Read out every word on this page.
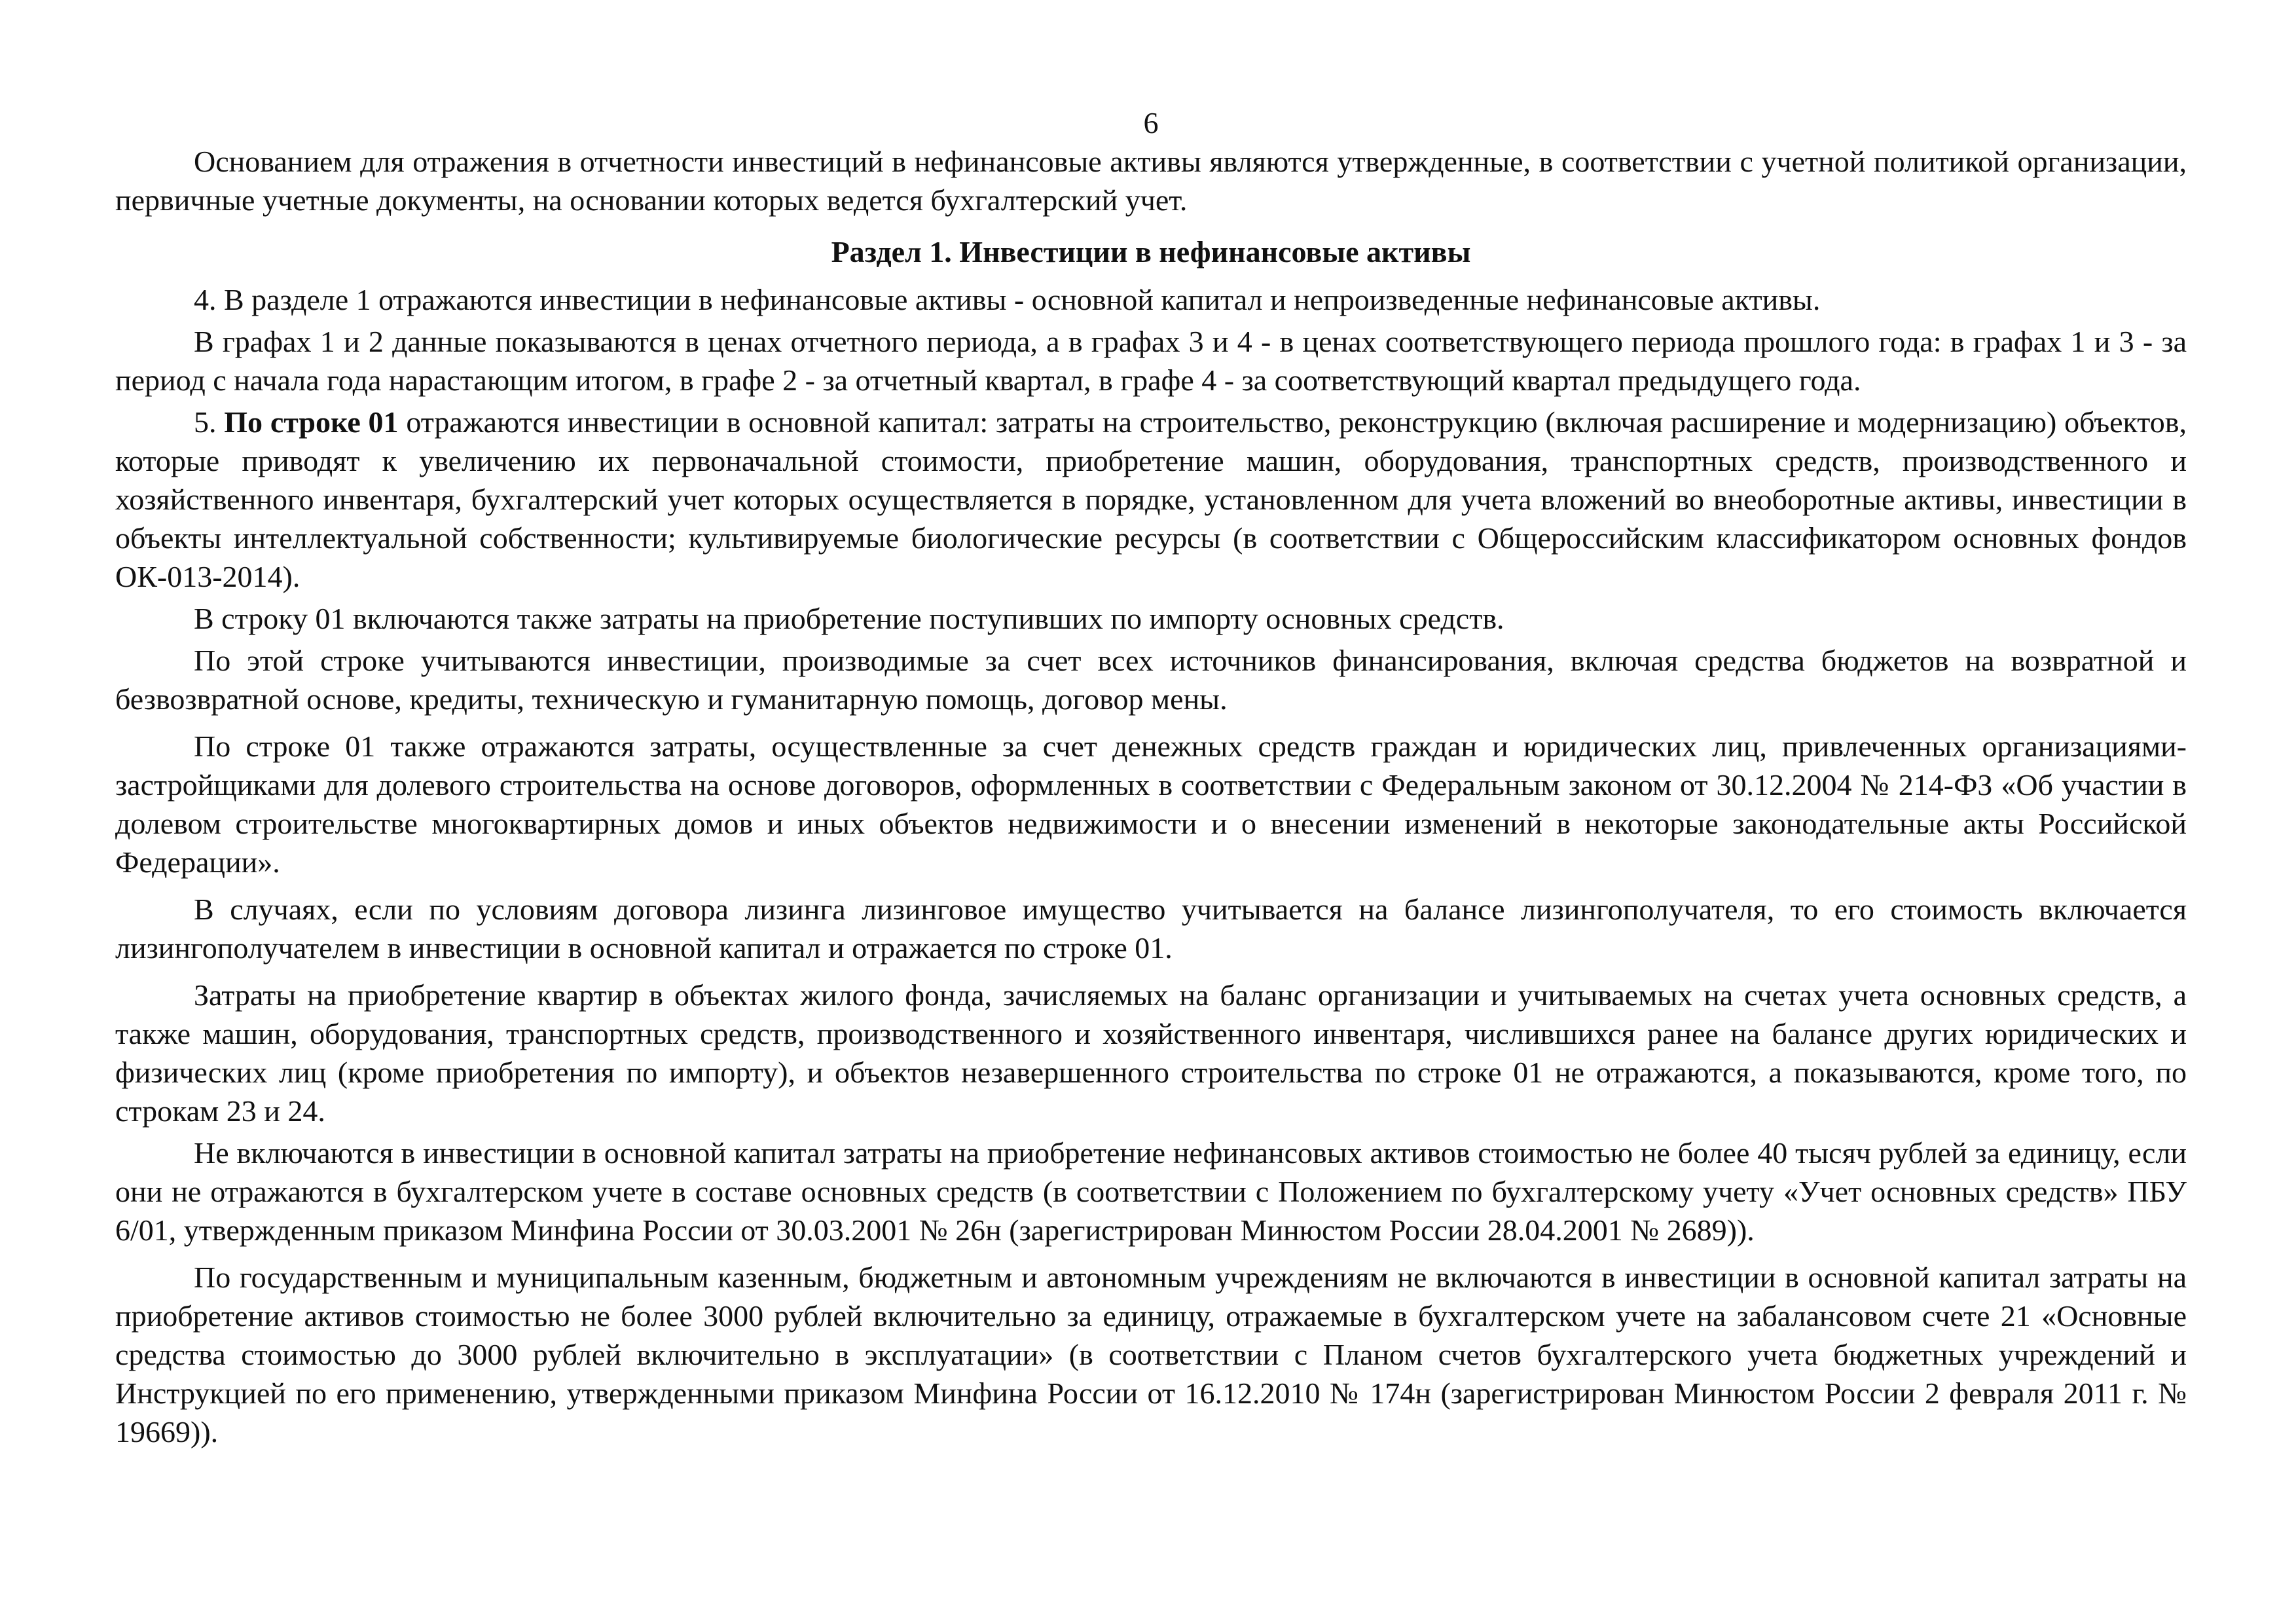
6

Основанием для отражения в отчетности инвестиций в нефинансовые активы являются утвержденные, в соответствии с учетной политикой организации, первичные учетные документы, на основании которых ведется бухгалтерский учет.

Раздел 1. Инвестиции в нефинансовые активы

4. В разделе 1 отражаются инвестиции в нефинансовые активы - основной капитал и непроизведенные нефинансовые активы.

В графах 1 и 2 данные показываются в ценах отчетного периода, а в графах 3 и 4 - в ценах соответствующего периода прошлого года: в графах 1 и 3 - за период с начала года нарастающим итогом, в графе 2 - за отчетный квартал, в графе 4 - за соответствующий квартал предыдущего года.

5. По строке 01 отражаются инвестиции в основной капитал: затраты на строительство, реконструкцию (включая расширение и модернизацию) объектов, которые приводят к увеличению их первоначальной стоимости, приобретение машин, оборудования, транспортных средств, производственного и хозяйственного инвентаря, бухгалтерский учет которых осуществляется в порядке, установленном для учета вложений во внеоборотные активы, инвестиции в объекты интеллектуальной собственности; культивируемые биологические ресурсы (в соответствии с Общероссийским классификатором основных фондов ОК-013-2014).

В строку 01 включаются также затраты на приобретение поступивших по импорту основных средств.

По этой строке учитываются инвестиции, производимые за счет всех источников финансирования, включая средства бюджетов на возвратной и безвозвратной основе, кредиты, техническую и гуманитарную помощь, договор мены.

По строке 01 также отражаются затраты, осуществленные за счет денежных средств граждан и юридических лиц, привлеченных организациями-застройщиками для долевого строительства на основе договоров, оформленных в соответствии с Федеральным законом от 30.12.2004 № 214-ФЗ «Об участии в долевом строительстве многоквартирных домов и иных объектов недвижимости и о внесении изменений в некоторые законодательные акты Российской Федерации».

В случаях, если по условиям договора лизинга лизинговое имущество учитывается на балансе лизингополучателя, то его стоимость включается лизингополучателем в инвестиции в основной капитал и отражается по строке 01.

Затраты на приобретение квартир в объектах жилого фонда, зачисляемых на баланс организации и учитываемых на счетах учета основных средств, а также машин, оборудования, транспортных средств, производственного и хозяйственного инвентаря, числившихся ранее на балансе других юридических и физических лиц (кроме приобретения по импорту), и объектов незавершенного строительства по строке 01 не отражаются, а показываются, кроме того, по строкам 23 и 24.

Не включаются в инвестиции в основной капитал затраты на приобретение нефинансовых активов стоимостью не более 40 тысяч рублей за единицу, если они не отражаются в бухгалтерском учете в составе основных средств (в соответствии с Положением по бухгалтерскому учету «Учет основных средств» ПБУ 6/01, утвержденным приказом Минфина России от 30.03.2001 № 26н (зарегистрирован Минюстом России 28.04.2001 № 2689)).

По государственным и муниципальным казенным, бюджетным и автономным учреждениям не включаются в инвестиции в основной капитал затраты на приобретение активов стоимостью не более 3000 рублей включительно за единицу, отражаемые в бухгалтерском учете на забалансовом счете 21 «Основные средства стоимостью до 3000 рублей включительно в эксплуатации» (в соответствии с Планом счетов бухгалтерского учета бюджетных учреждений и Инструкцией по его применению, утвержденными приказом Минфина России от 16.12.2010 № 174н (зарегистрирован Минюстом России 2 февраля 2011 г. № 19669)).
